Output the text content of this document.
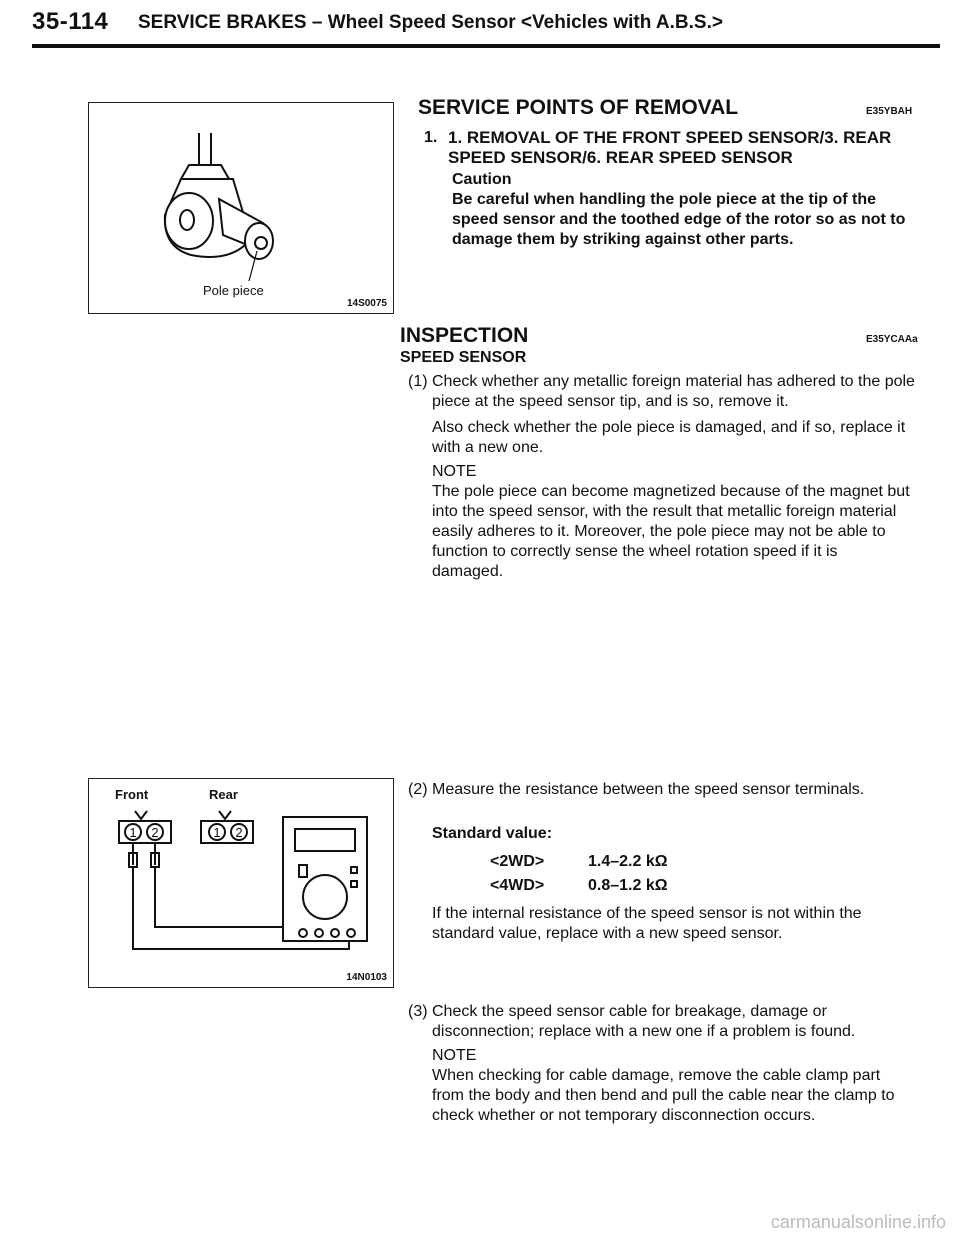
35-114 SERVICE BRAKES – Wheel Speed Sensor <Vehicles with A.B.S.>
Pole piece
14S0075
Front	Rear
1 2	1 2
14N0103
SERVICE POINTS OF REMOVAL	E35YBAH
1. 1. REMOVAL OF THE FRONT SPEED SENSOR/3. REAR SPEED SENSOR/6. REAR SPEED SENSOR
Caution
Be careful when handling the pole piece at the tip of the speed sensor and the toothed edge of the rotor so as not to damage them by striking against other parts.
INSPECTION	E35YCAAa
SPEED SENSOR
(1) Check whether any metallic foreign material has adhered to the pole piece at the speed sensor tip, and is so, remove it.
Also check whether the pole piece is damaged, and if so, replace it with a new one.
NOTE
The pole piece can become magnetized because of the magnet but into the speed sensor, with the result that metallic foreign material easily adheres to it. Moreover, the pole piece may not be able to function to correctly sense the wheel rotation speed if it is damaged.
(2) Measure the resistance between the speed sensor terminals.
Standard value:
<2WD>	1.4–2.2 kΩ
<4WD>	0.8–1.2 kΩ
If the internal resistance of the speed sensor is not within the standard value, replace with a new speed sensor.
(3) Check the speed sensor cable for breakage, damage or disconnection; replace with a new one if a problem is found.
NOTE
When checking for cable damage, remove the cable clamp part from the body and then bend and pull the cable near the clamp to check whether or not temporary disconnection occurs.
carmanualsonline.info
